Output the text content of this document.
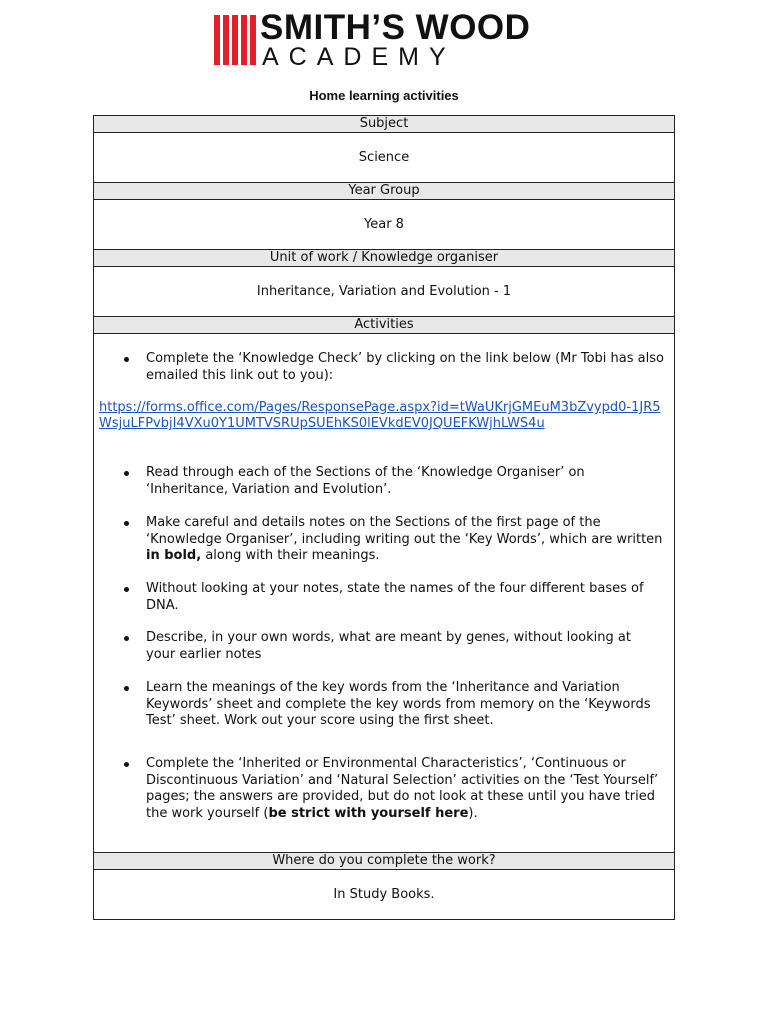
SMITH’S WOOD
ACADEMY
Home learning activities
Subject
Science
Year Group
Year 8
Unit of work / Knowledge organiser
Inheritance, Variation and Evolution - 1
Activities
Complete the ‘Knowledge Check’ by clicking on the link below (Mr Tobi has also emailed this link out to you):
https://forms.office.com/Pages/ResponsePage.aspx?id=tWaUKrjGMEuM3bZvypd0-1JR5WsjuLFPvbjI4VXu0Y1UMTVSRUpSUEhKS0lEVkdEV0JQUEFKWjhLWS4u
Read through each of the Sections of the ‘Knowledge Organiser’ on ‘Inheritance, Variation and Evolution’.
Make careful and details notes on the Sections of the first page of the ‘Knowledge Organiser’, including writing out the ‘Key Words’, which are written in bold, along with their meanings.
Without looking at your notes, state the names of the four different bases of DNA.
Describe, in your own words, what are meant by genes, without looking at your earlier notes
Learn the meanings of the key words from the ‘Inheritance and Variation Keywords’ sheet and complete the key words from memory on the ‘Keywords Test’ sheet. Work out your score using the first sheet.
Complete the ‘Inherited or Environmental Characteristics’, ‘Continuous or Discontinuous Variation’ and ‘Natural Selection’ activities on the ‘Test Yourself’ pages; the answers are provided, but do not look at these until you have tried the work yourself (be strict with yourself here).
Where do you complete the work?
In Study Books.
